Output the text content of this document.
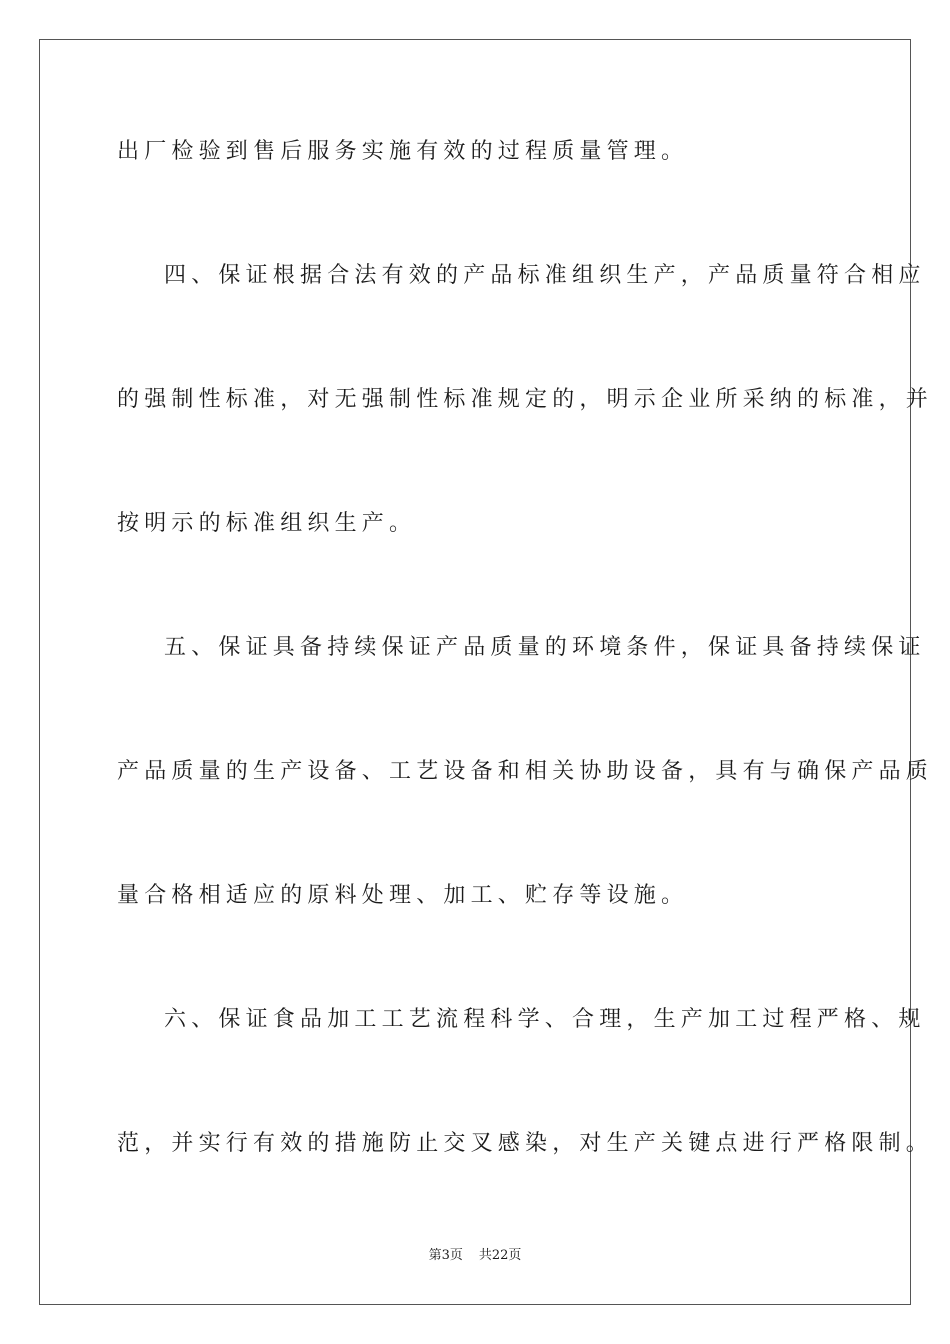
出厂检验到售后服务实施有效的过程质量管理。
四、保证根据合法有效的产品标准组织生产，产品质量符合相应
的强制性标准，对无强制性标准规定的，明示企业所采纳的标准，并
按明示的标准组织生产。
五、保证具备持续保证产品质量的环境条件，保证具备持续保证
产品质量的生产设备、工艺设备和相关协助设备，具有与确保产品质
量合格相适应的原料处理、加工、贮存等设施。
六、保证食品加工工艺流程科学、合理，生产加工过程严格、规
范，并实行有效的措施防止交叉感染，对生产关键点进行严格限制。
第3页 共22页
